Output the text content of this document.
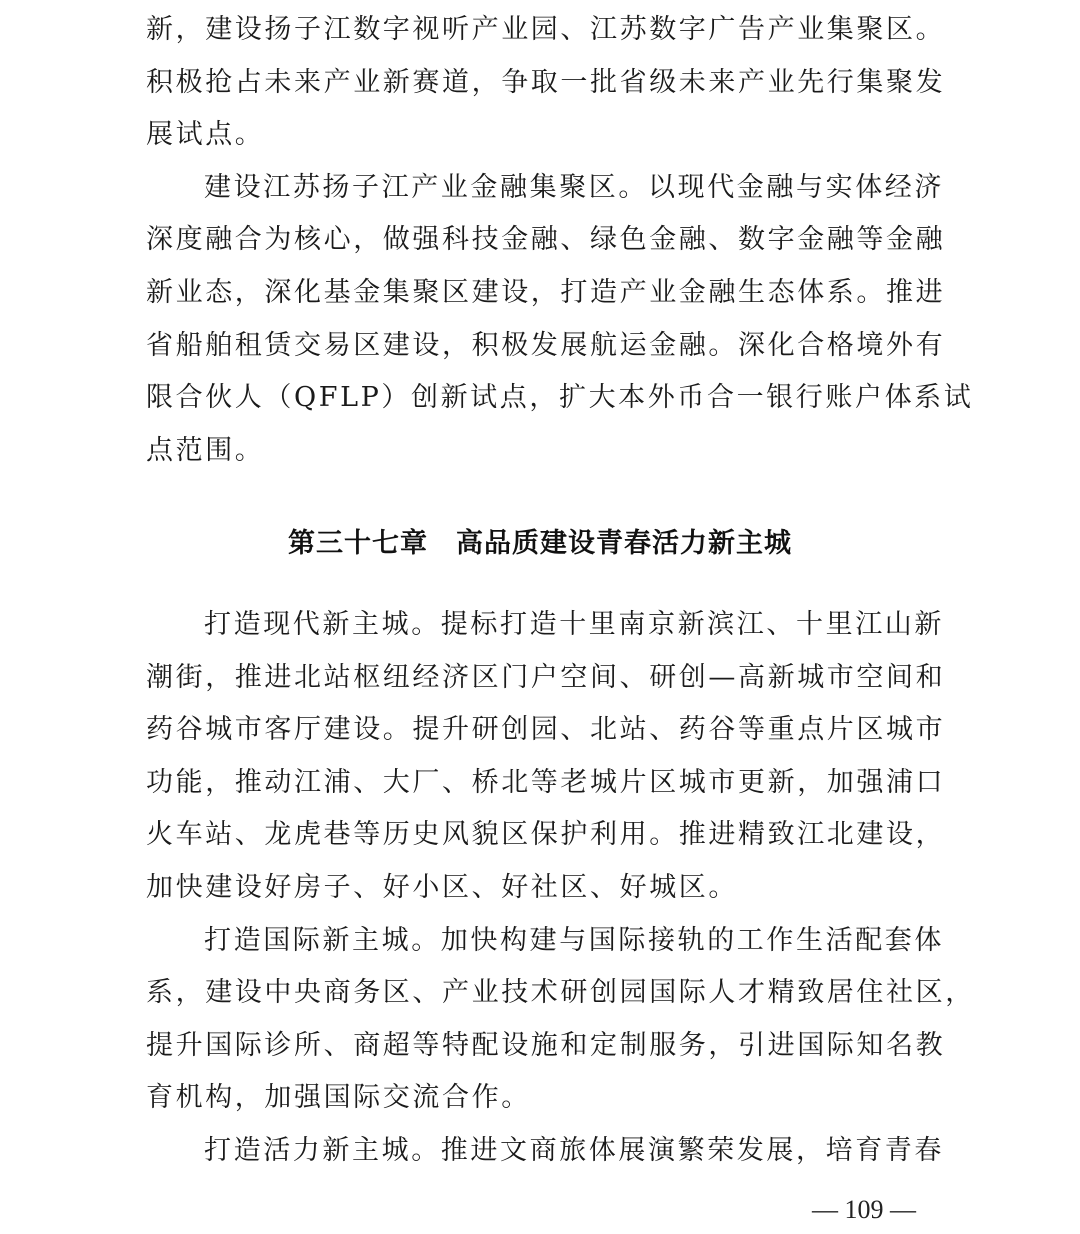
新，建设扬子江数字视听产业园、江苏数字广告产业集聚区。
积极抢占未来产业新赛道，争取一批省级未来产业先行集聚发
展试点。
建设江苏扬子江产业金融集聚区。以现代金融与实体经济
深度融合为核心，做强科技金融、绿色金融、数字金融等金融
新业态，深化基金集聚区建设，打造产业金融生态体系。推进
省船舶租赁交易区建设，积极发展航运金融。深化合格境外有
限合伙人（QFLP）创新试点，扩大本外币合一银行账户体系试
点范围。
第三十七章　高品质建设青春活力新主城
打造现代新主城。提标打造十里南京新滨江、十里江山新
潮街，推进北站枢纽经济区门户空间、研创—高新城市空间和
药谷城市客厅建设。提升研创园、北站、药谷等重点片区城市
功能，推动江浦、大厂、桥北等老城片区城市更新，加强浦口
火车站、龙虎巷等历史风貌区保护利用。推进精致江北建设，
加快建设好房子、好小区、好社区、好城区。
打造国际新主城。加快构建与国际接轨的工作生活配套体
系，建设中央商务区、产业技术研创园国际人才精致居住社区，
提升国际诊所、商超等特配设施和定制服务，引进国际知名教
育机构，加强国际交流合作。
打造活力新主城。推进文商旅体展演繁荣发展，培育青春
— 109 —
